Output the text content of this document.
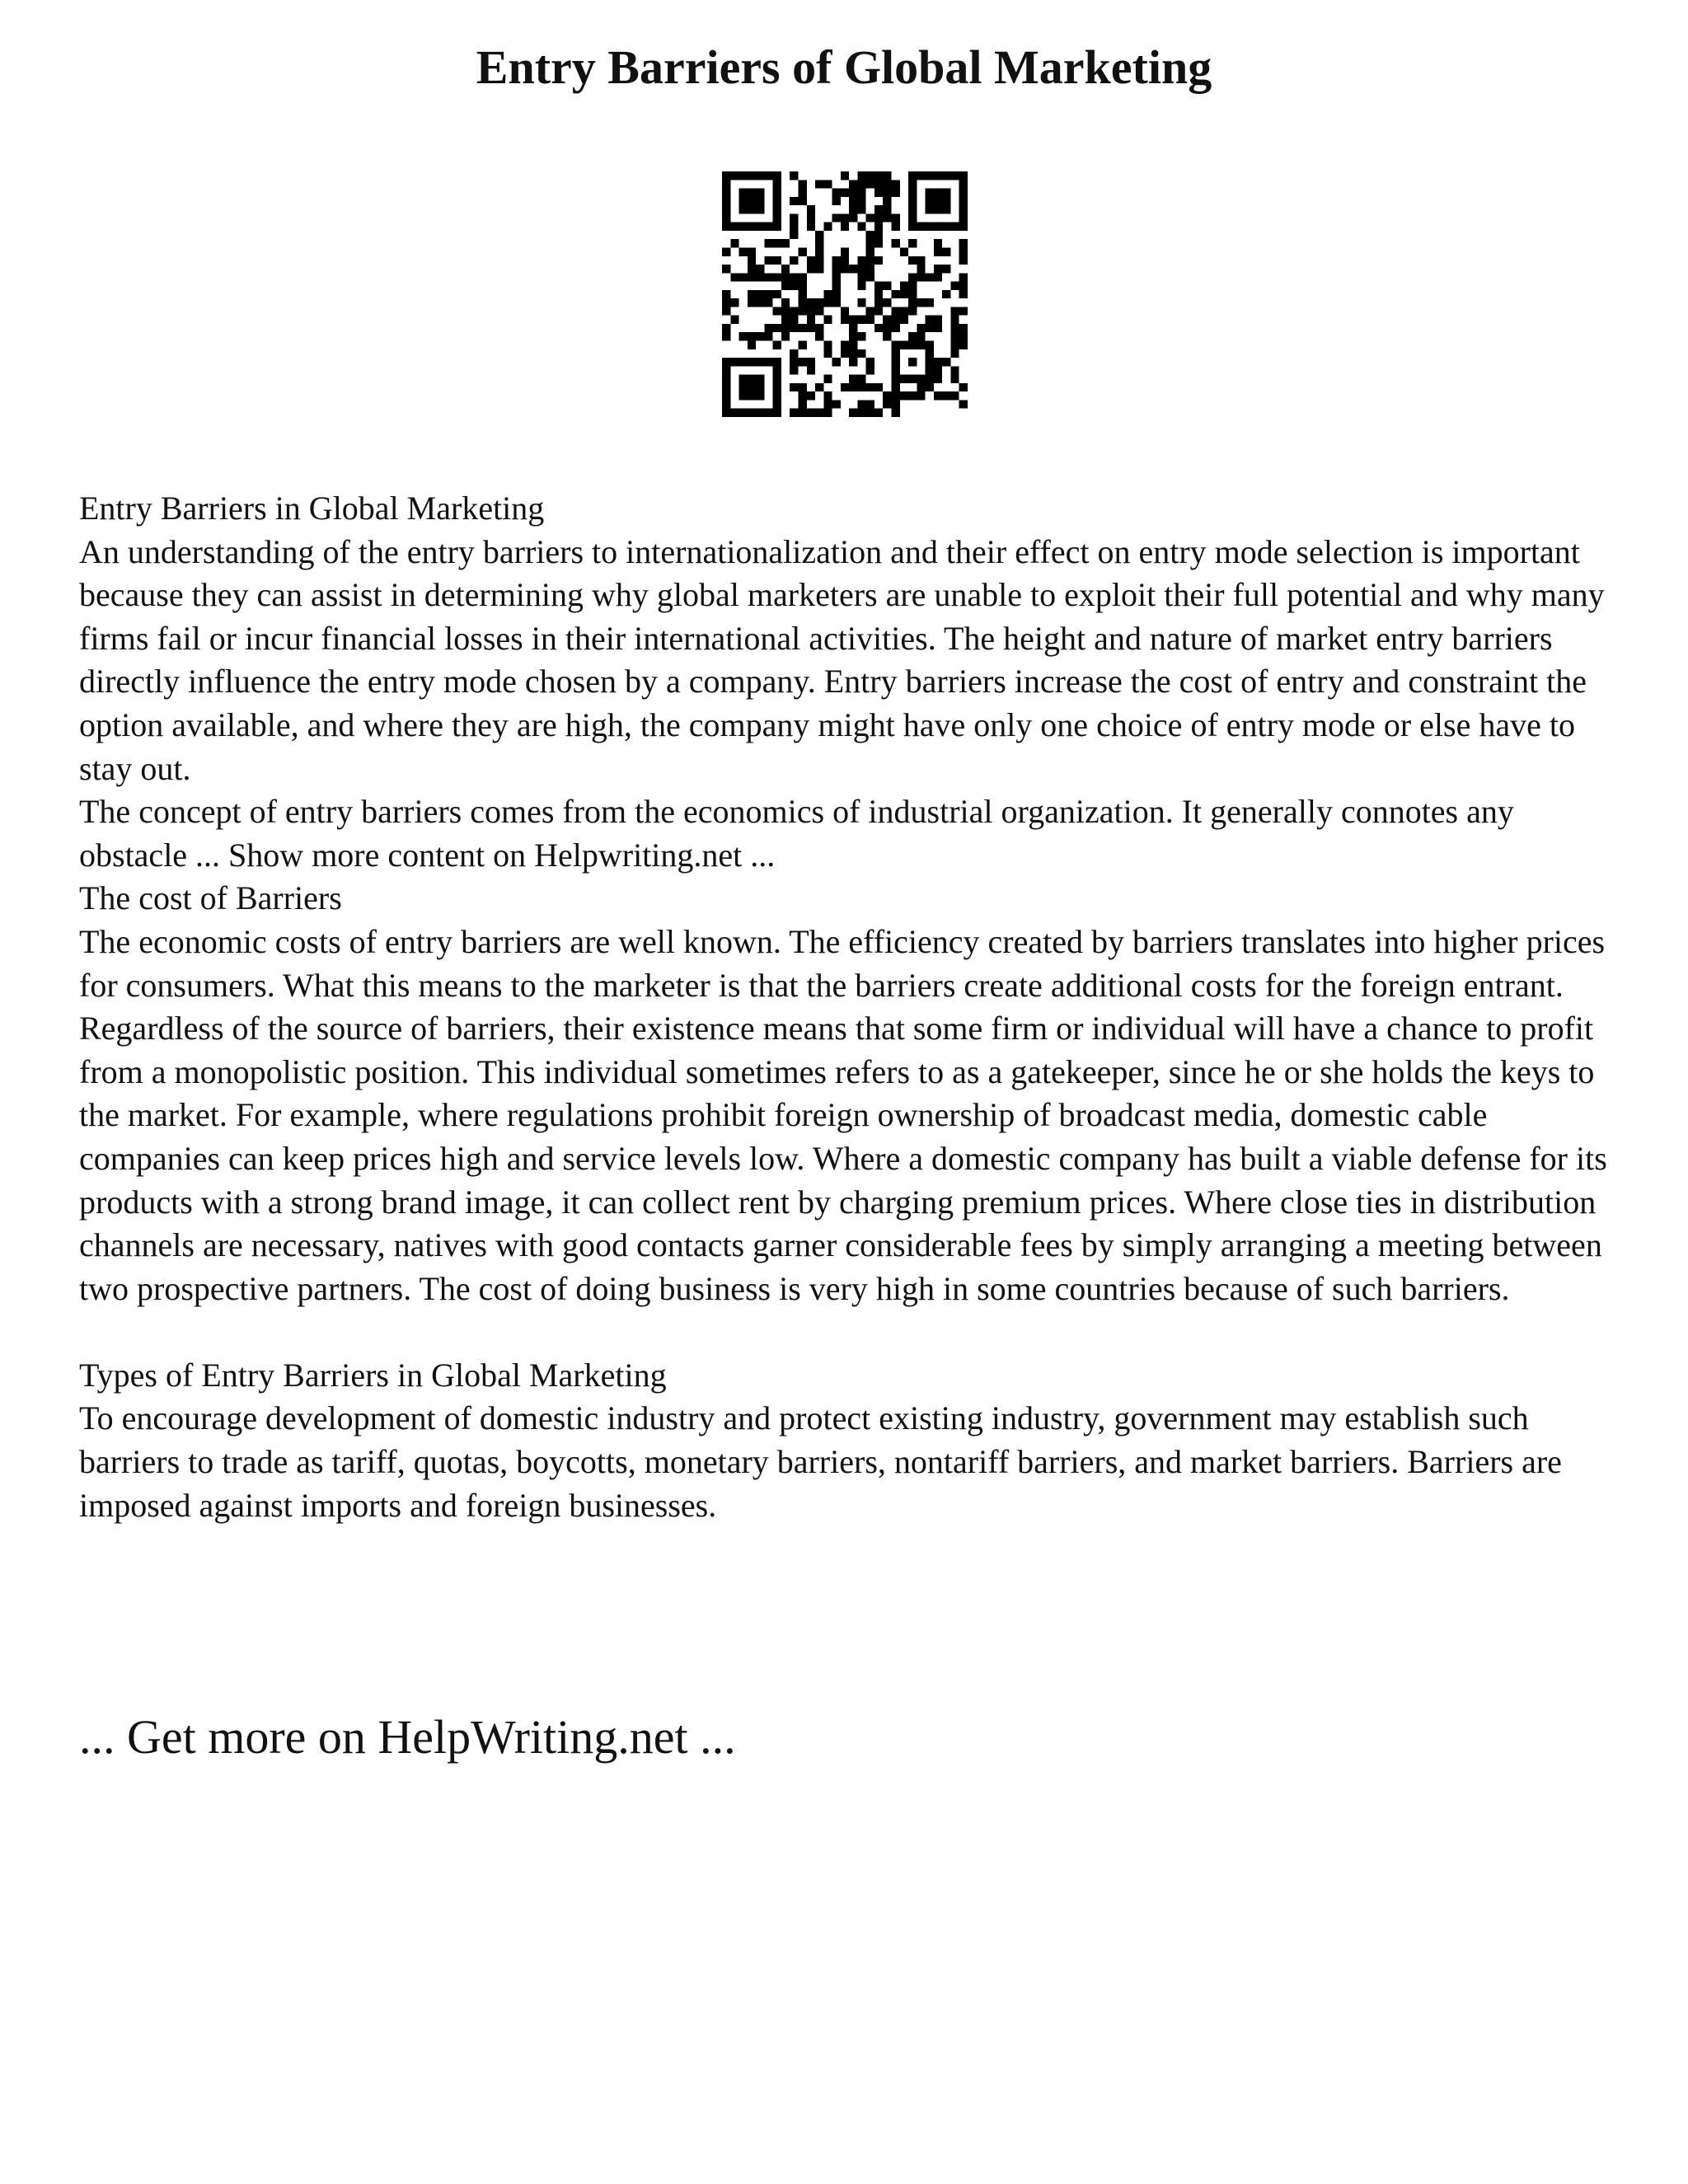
Entry Barriers of Global Marketing

Entry Barriers in Global Marketing

An understanding of the entry barriers to internationalization and their effect on entry mode selection is important because they can assist in determining why global marketers are unable to exploit their full potential and why many firms fail or incur financial losses in their international activities. The height and nature of market entry barriers directly influence the entry mode chosen by a company. Entry barriers increase the cost of entry and constraint the option available, and where they are high, the company might have only one choice of entry mode or else have to stay out.

The concept of entry barriers comes from the economics of industrial organization. It generally connotes any obstacle ... Show more content on Helpwriting.net ...

The cost of Barriers

The economic costs of entry barriers are well known. The efficiency created by barriers translates into higher prices for consumers. What this means to the marketer is that the barriers create additional costs for the foreign entrant.

Regardless of the source of barriers, their existence means that some firm or individual will have a chance to profit from a monopolistic position. This individual sometimes refers to as a gatekeeper, since he or she holds the keys to the market. For example, where regulations prohibit foreign ownership of broadcast media, domestic cable companies can keep prices high and service levels low. Where a domestic company has built a viable defense for its products with a strong brand image, it can collect rent by charging premium prices. Where close ties in distribution channels are necessary, natives with good contacts garner considerable fees by simply arranging a meeting between two prospective partners. The cost of doing business is very high in some countries because of such barriers.

Types of Entry Barriers in Global Marketing

To encourage development of domestic industry and protect existing industry, government may establish such barriers to trade as tariff, quotas, boycotts, monetary barriers, nontariff barriers, and market barriers. Barriers are imposed against imports and foreign businesses.

... Get more on HelpWriting.net ...
